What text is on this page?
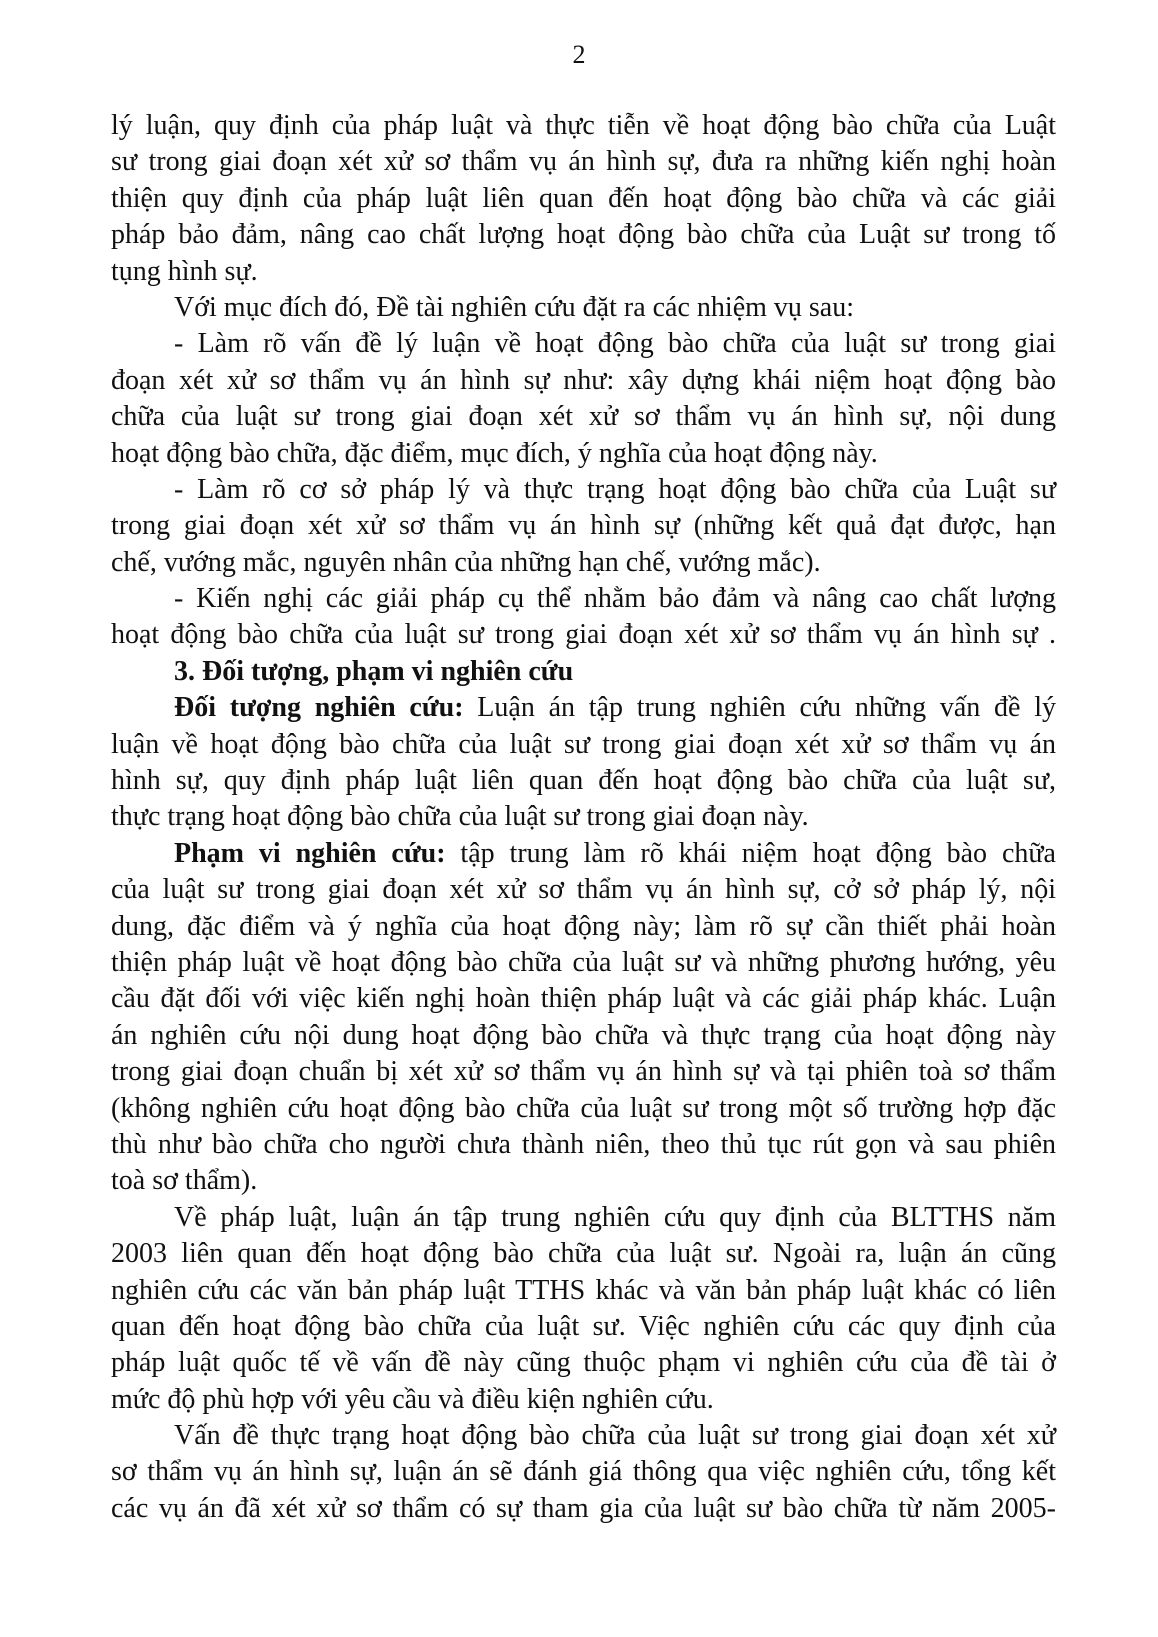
2
lý luận, quy định của pháp luật và thực tiễn về hoạt động bào chữa của Luật
sư trong giai đoạn xét xử sơ thẩm vụ án hình sự, đưa ra những kiến nghị hoàn
thiện quy định của pháp luật liên quan đến hoạt động bào chữa và các giải
pháp bảo đảm, nâng cao chất lượng hoạt động bào chữa của Luật sư trong tố
tụng hình sự.
Với mục đích đó, Đề tài nghiên cứu đặt ra các nhiệm vụ sau:
- Làm rõ vấn đề lý luận về hoạt động bào chữa của luật sư trong giai
đoạn xét xử sơ thẩm vụ án hình sự như: xây dựng khái niệm hoạt động bào
chữa của luật sư trong giai đoạn xét xử sơ thẩm vụ án hình sự, nội dung
hoạt động bào chữa, đặc điểm, mục đích, ý nghĩa của hoạt động này.
- Làm rõ cơ sở pháp lý và thực trạng hoạt động bào chữa của Luật sư
trong giai đoạn xét xử sơ thẩm vụ án hình sự (những kết quả đạt được, hạn
chế, vướng mắc, nguyên nhân của những hạn chế, vướng mắc).
- Kiến nghị các giải pháp cụ thể nhằm bảo đảm và nâng cao chất lượng
hoạt động bào chữa của luật sư trong giai đoạn xét xử sơ thẩm vụ án hình sự .
3. Đối tượng, phạm vi nghiên cứu
Đối tượng nghiên cứu: Luận án tập trung nghiên cứu những vấn đề lý
luận về hoạt động bào chữa của luật sư trong giai đoạn xét xử sơ thẩm vụ án
hình sự, quy định pháp luật liên quan đến hoạt động bào chữa của luật sư,
thực trạng hoạt động bào chữa của luật sư trong giai đoạn này.
Phạm vi nghiên cứu: tập trung làm rõ khái niệm hoạt động bào chữa
của luật sư trong giai đoạn xét xử sơ thẩm vụ án hình sự, cở sở pháp lý, nội
dung, đặc điểm và ý nghĩa của hoạt động này; làm rõ sự cần thiết phải hoàn
thiện pháp luật về hoạt động bào chữa của luật sư và những phương hướng, yêu
cầu đặt đối với việc kiến nghị hoàn thiện pháp luật và các giải pháp khác. Luận
án nghiên cứu nội dung hoạt động bào chữa và thực trạng của hoạt động này
trong giai đoạn chuẩn bị xét xử sơ thẩm vụ án hình sự và tại phiên toà sơ thẩm
(không nghiên cứu hoạt động bào chữa của luật sư trong một số trường hợp đặc
thù như bào chữa cho người chưa thành niên, theo thủ tục rút gọn và sau phiên
toà sơ thẩm).
Về pháp luật, luận án tập trung nghiên cứu quy định của BLTTHS năm
2003 liên quan đến hoạt động bào chữa của luật sư. Ngoài ra, luận án cũng
nghiên cứu các văn bản pháp luật TTHS khác và văn bản pháp luật khác có liên
quan đến hoạt động bào chữa của luật sư. Việc nghiên cứu các quy định của
pháp luật quốc tế về vấn đề này cũng thuộc phạm vi nghiên cứu của đề tài ở
mức độ phù hợp với yêu cầu và điều kiện nghiên cứu.
Vấn đề thực trạng hoạt động bào chữa của luật sư trong giai đoạn xét xử
sơ thẩm vụ án hình sự, luận án sẽ đánh giá thông qua việc nghiên cứu, tổng kết
các vụ án đã xét xử sơ thẩm có sự tham gia của luật sư bào chữa từ năm 2005-
